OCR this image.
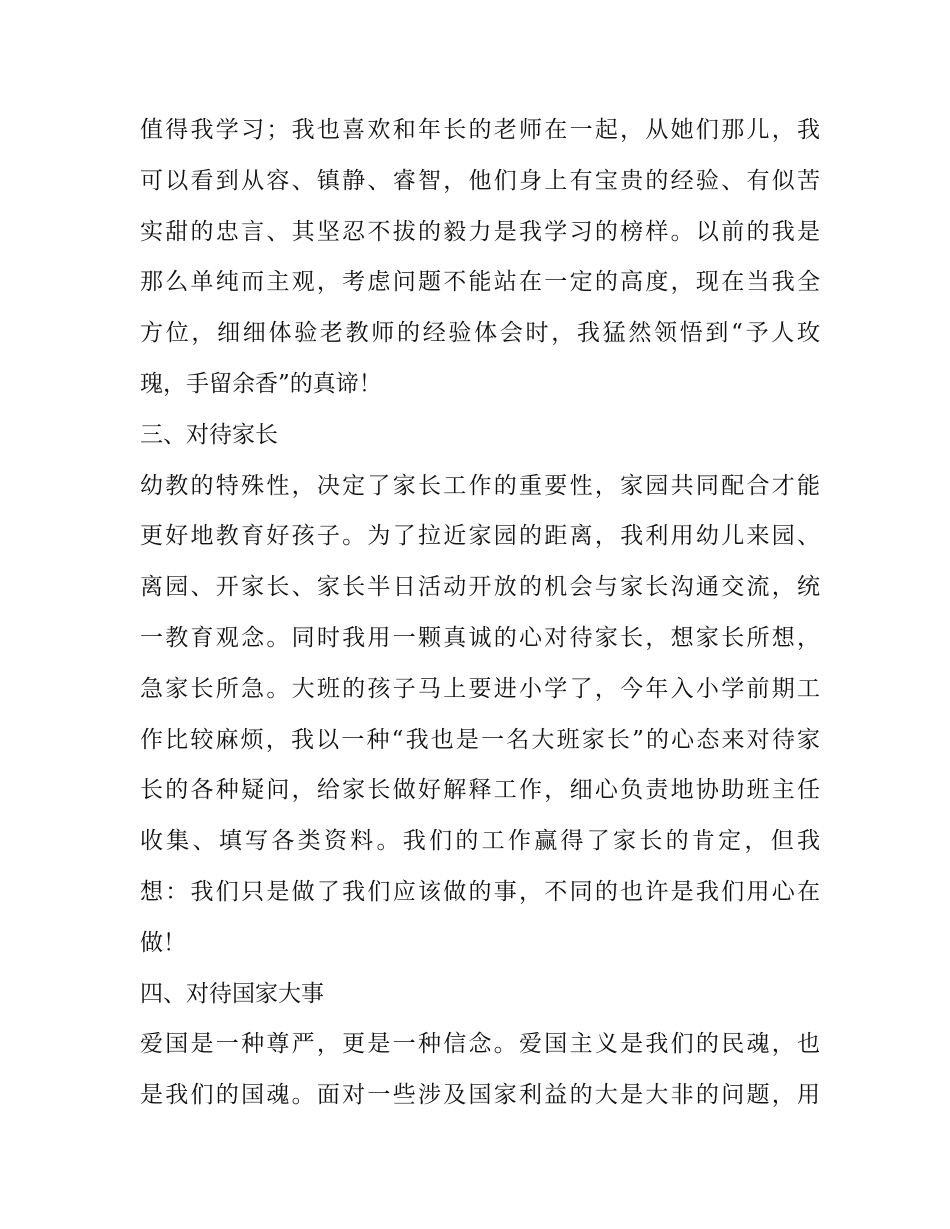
值得我学习；我也喜欢和年长的老师在一起，从她们那儿，我
可以看到从容、镇静、睿智，他们身上有宝贵的经验、有似苦
实甜的忠言、其坚忍不拔的毅力是我学习的榜样。以前的我是
那么单纯而主观，考虑问题不能站在一定的高度，现在当我全
方位，细细体验老教师的经验体会时，我猛然领悟到“予人玫
瑰，手留余香”的真谛！
三、对待家长
幼教的特殊性，决定了家长工作的重要性，家园共同配合才能
更好地教育好孩子。为了拉近家园的距离，我利用幼儿来园、
离园、开家长、家长半日活动开放的机会与家长沟通交流，统
一教育观念。同时我用一颗真诚的心对待家长，想家长所想，
急家长所急。大班的孩子马上要进小学了，今年入小学前期工
作比较麻烦，我以一种“我也是一名大班家长”的心态来对待家
长的各种疑问，给家长做好解释工作，细心负责地协助班主任
收集、填写各类资料。我们的工作赢得了家长的肯定，但我
想：我们只是做了我们应该做的事，不同的也许是我们用心在
做！
四、对待国家大事
爱国是一种尊严，更是一种信念。爱国主义是我们的民魂，也
是我们的国魂。面对一些涉及国家利益的大是大非的问题，用
